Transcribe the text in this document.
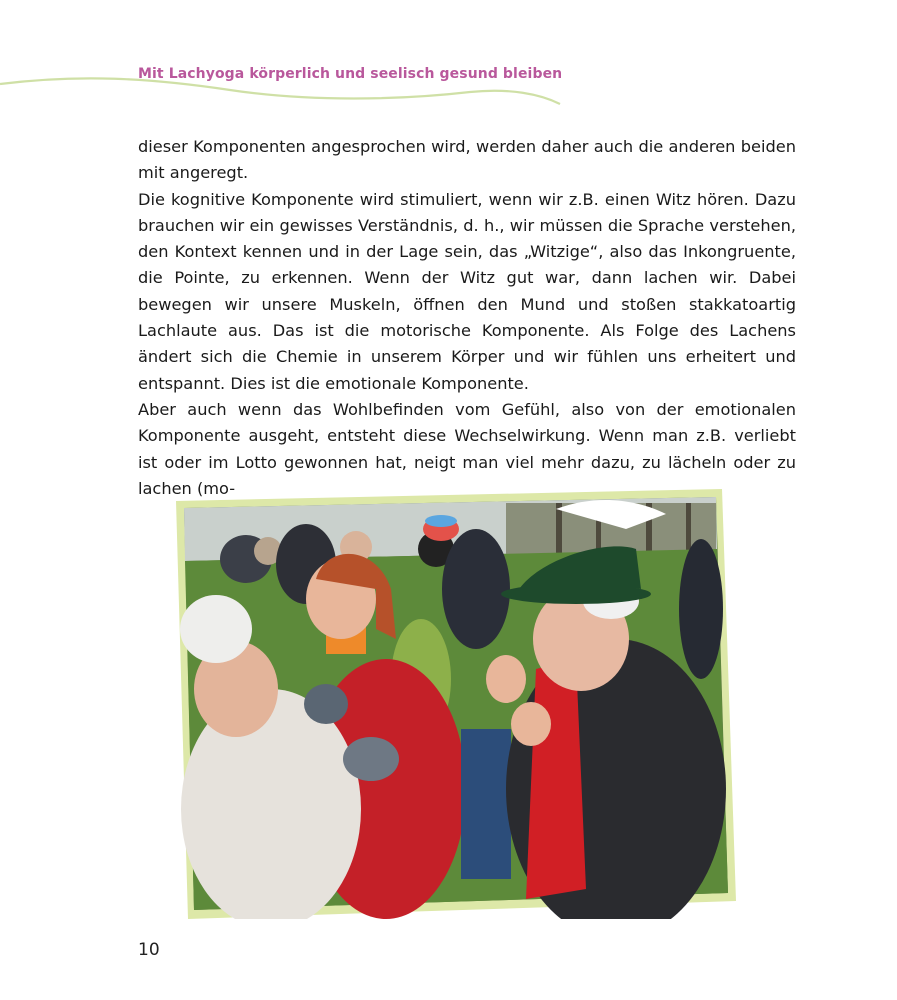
Mit Lachyoga körperlich und seelisch gesund bleiben

dieser Komponenten angesprochen wird, werden daher auch die anderen beiden mit angeregt.

Die kognitive Komponente wird stimuliert, wenn wir z.B. einen Witz hören. Dazu brauchen wir ein gewisses Verständnis, d. h., wir müssen die Sprache verstehen, den Kontext kennen und in der Lage sein, das „Witzige“, also das Inkongruente, die Pointe, zu erkennen. Wenn der Witz gut war, dann lachen wir. Dabei bewegen wir unsere Muskeln, öffnen den Mund und stoßen stakkatoartig Lachlaute aus. Das ist die motorische Komponente. Als Folge des Lachens ändert sich die Chemie in unserem Körper und wir fühlen uns erheitert und entspannt. Dies ist die emotionale Komponente.

Aber auch wenn das Wohlbefinden vom Gefühl, also von der emotionalen Komponente ausgeht, entsteht diese Wechselwirkung. Wenn man z.B. verliebt ist oder im Lotto gewonnen hat, neigt man viel mehr dazu, zu lächeln oder zu lachen (mo-

10
